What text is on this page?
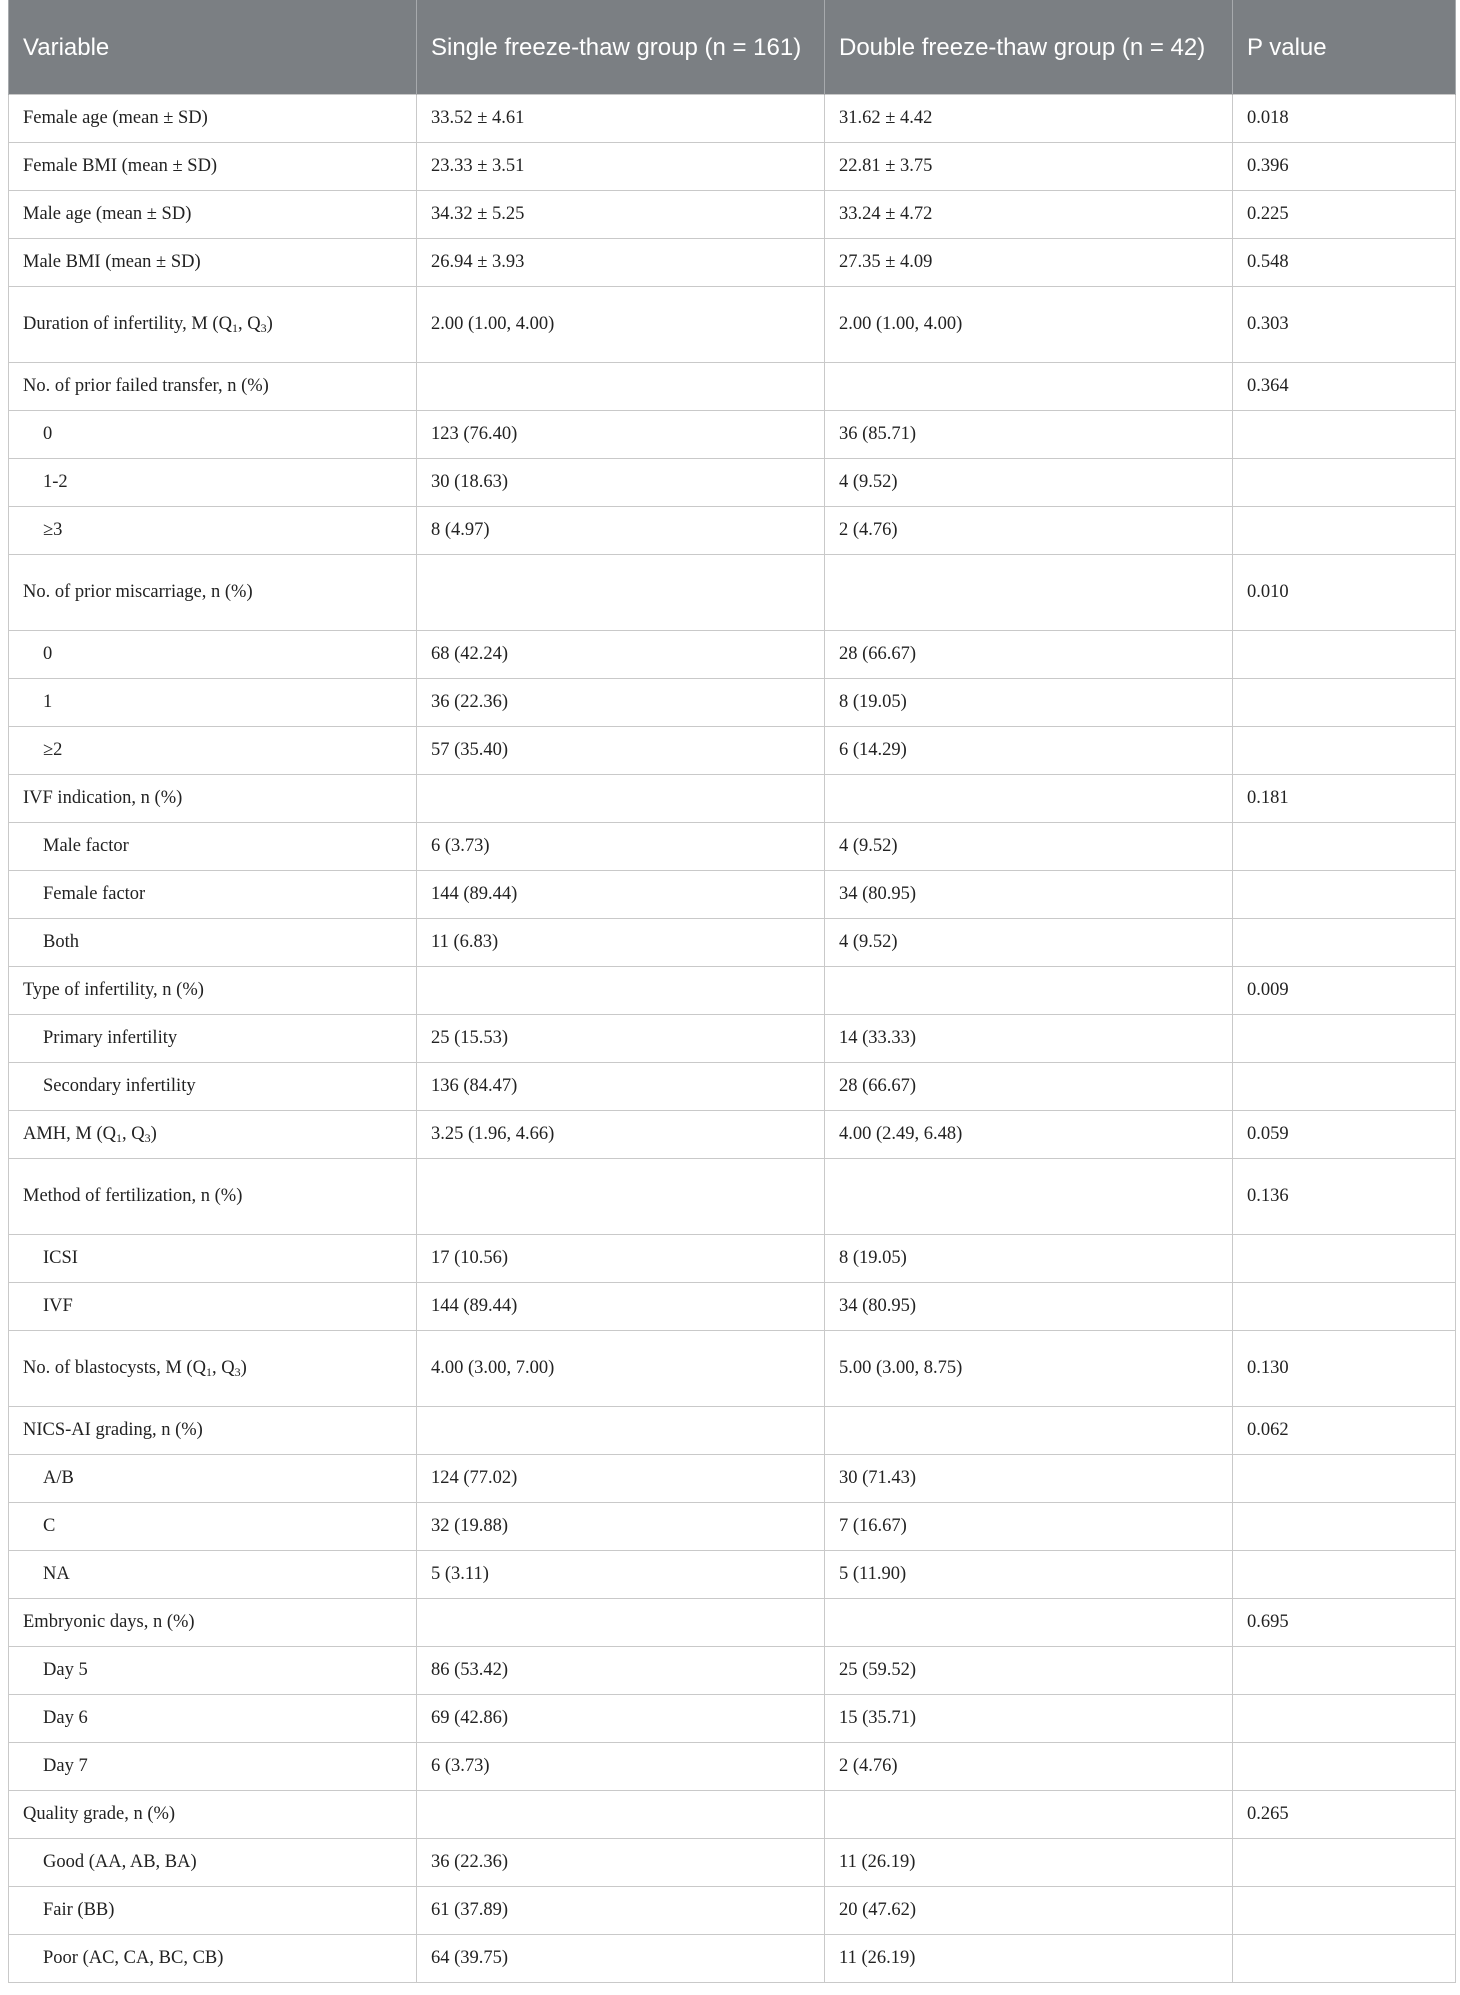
Variable	Single freeze-thaw group (n = 161)	Double freeze-thaw group (n = 42)	P value
Female age (mean ± SD)	33.52 ± 4.61	31.62 ± 4.42	0.018
Female BMI (mean ± SD)	23.33 ± 3.51	22.81 ± 3.75	0.396
Male age (mean ± SD)	34.32 ± 5.25	33.24 ± 4.72	0.225
Male BMI (mean ± SD)	26.94 ± 3.93	27.35 ± 4.09	0.548
Duration of infertility, M ($Q_1$, $Q_3$)	2.00 (1.00, 4.00)	2.00 (1.00, 4.00)	0.303
No. of prior failed transfer, n (%)			0.364
0	123 (76.40)	36 (85.71)	
1-2	30 (18.63)	4 (9.52)	
≥3	8 (4.97)	2 (4.76)	
No. of prior miscarriage, n (%)			0.010
0	68 (42.24)	28 (66.67)	
1	36 (22.36)	8 (19.05)	
≥2	57 (35.40)	6 (14.29)	
IVF indication, n (%)			0.181
Male factor	6 (3.73)	4 (9.52)	
Female factor	144 (89.44)	34 (80.95)	
Both	11 (6.83)	4 (9.52)	
Type of infertility, n (%)			0.009
Primary infertility	25 (15.53)	14 (33.33)	
Secondary infertility	136 (84.47)	28 (66.67)	
AMH, M ($Q_1$, $Q_3$)	3.25 (1.96, 4.66)	4.00 (2.49, 6.48)	0.059
Method of fertilization, n (%)			0.136
ICSI	17 (10.56)	8 (19.05)	
IVF	144 (89.44)	34 (80.95)	
No. of blastocysts, M ($Q_1$, $Q_3$)	4.00 (3.00, 7.00)	5.00 (3.00, 8.75)	0.130
NICS-AI grading, n (%)			0.062
A/B	124 (77.02)	30 (71.43)	
C	32 (19.88)	7 (16.67)	
NA	5 (3.11)	5 (11.90)	
Embryonic days, n (%)			0.695
Day 5	86 (53.42)	25 (59.52)	
Day 6	69 (42.86)	15 (35.71)	
Day 7	6 (3.73)	2 (4.76)	
Quality grade, n (%)			0.265
Good (AA, AB, BA)	36 (22.36)	11 (26.19)	
Fair (BB)	61 (37.89)	20 (47.62)	
Poor (AC, CA, BC, CB)	64 (39.75)	11 (26.19)	
